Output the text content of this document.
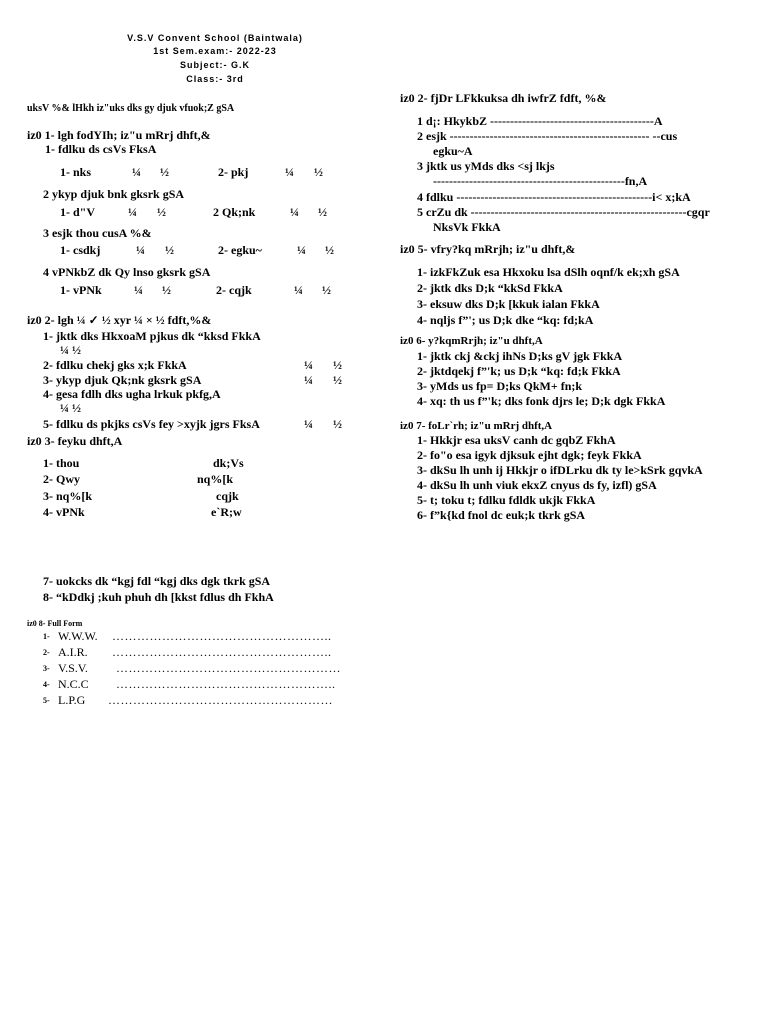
V.S.V Convent School (Baintwala)
1st Sem.exam:- 2022-23
Subject:- G.K
Class:- 3rd
uksV %& lHkh iz"uks dks gy djuk vfuok;Z gSA
iz0 1- lgh fodYIh; iz"u mRrj dhft,&
1- fdlku ds csVs FksA
1- nks	¼ ½	2- pkj	¼ ½
2 ykyp djuk bnk gksrk gSA
1- d"V	¼ ½	2 Qk;nk	¼ ½
3 esjk thou cusA %&
1- csdkj	¼ ½	2- egku~	¼ ½
4 vPNkbZ dk Qy lnso gksrk gSA
1- vPNk	¼ ½	2- cqjk	¼ ½
iz0 2- lgh ¼ ✓ ½ xyr ¼ × ½ fdft,%&
1- jktk dks HkxoaM pjkus dk “kksd FkkA
¼ ½
2- fdlku chekj gks x;k FkkA	¼ ½
3- ykyp djuk Qk;nk gksrk gSA	¼ ½
4- gesa fdlh dks ugha lrkuk pkfg,A
¼ ½
5- fdlku ds pkjks csVs fey >xyjk jgrs FksA	¼ ½
iz0 3- feyku dhft,A
1- thou	dk;Vs
2- Qwy	nq%[k
3- nq%[k	cqjk
4- vPNk	e`R;w
7- uokcks dk “kgj fdl “kgj dks dgk tkrk gSA
8- “kDdkj ;kuh phuh dh [kkst fdlus dh FkhA
iz0 8- Full Form
1- W.W.W. ……………………………………………..
2- A.I.R. ……………………………………………..
3- V.S.V. ………………………………………………
4- N.C.C ……………………………………………..
5- L.P.G ………………………………………………
iz0 2- fjDr LFkkuksa dh iwfrZ fdft, %&
1 d¡: HkykbZ -----------------------------------------A
2 esjk -------------------------------------------------- --cus
egku~A
3 jktk us yMds dks <sj lkjs
------------------------------------------------fn,A
4 fdlku -------------------------------------------------i< x;kA
5 crZu dk ------------------------------------------------------cgqr
NksVk FkkA
iz0 5- vfry?kq mRrjh; iz"u dhft,&
1- izkFkZuk esa Hkxoku lsa dSlh oqnf/k ek;xh gSA
2- jktk dks D;k “kkSd FkkA
3- eksuw dks D;k [kkuk ialan FkkA
4- nqljs f”'; us D;k dke “kq: fd;kA
iz0 6- y?kqmRrjh; iz"u dhft,A
1- jktk ckj &ckj ihNs D;ks gV jgk FkkA
2- jktdqekj f”'k; us D;k “kq: fd;k FkkA
3- yMds us fp= D;ks QkM+ fn;k
4- xq: th us f”'k; dks fonk djrs le; D;k dgk FkkA
iz0 7- foLr`rh; iz"u mRrj dhft,A
1- Hkkjr esa uksV canh dc gqbZ FkhA
2- fo"o esa igyk djksuk ejht dgk; feyk FkkA
3- dkSu lh unh ij Hkkjr o ifDLrku dk ty le>kSrk gqvkA
4- dkSu lh unh viuk ekxZ cnyus ds fy, izfl) gSA
5- t; toku t; fdlku fdldk ukjk FkkA
6- f”k{kd fnol dc euk;k tkrk gSA
